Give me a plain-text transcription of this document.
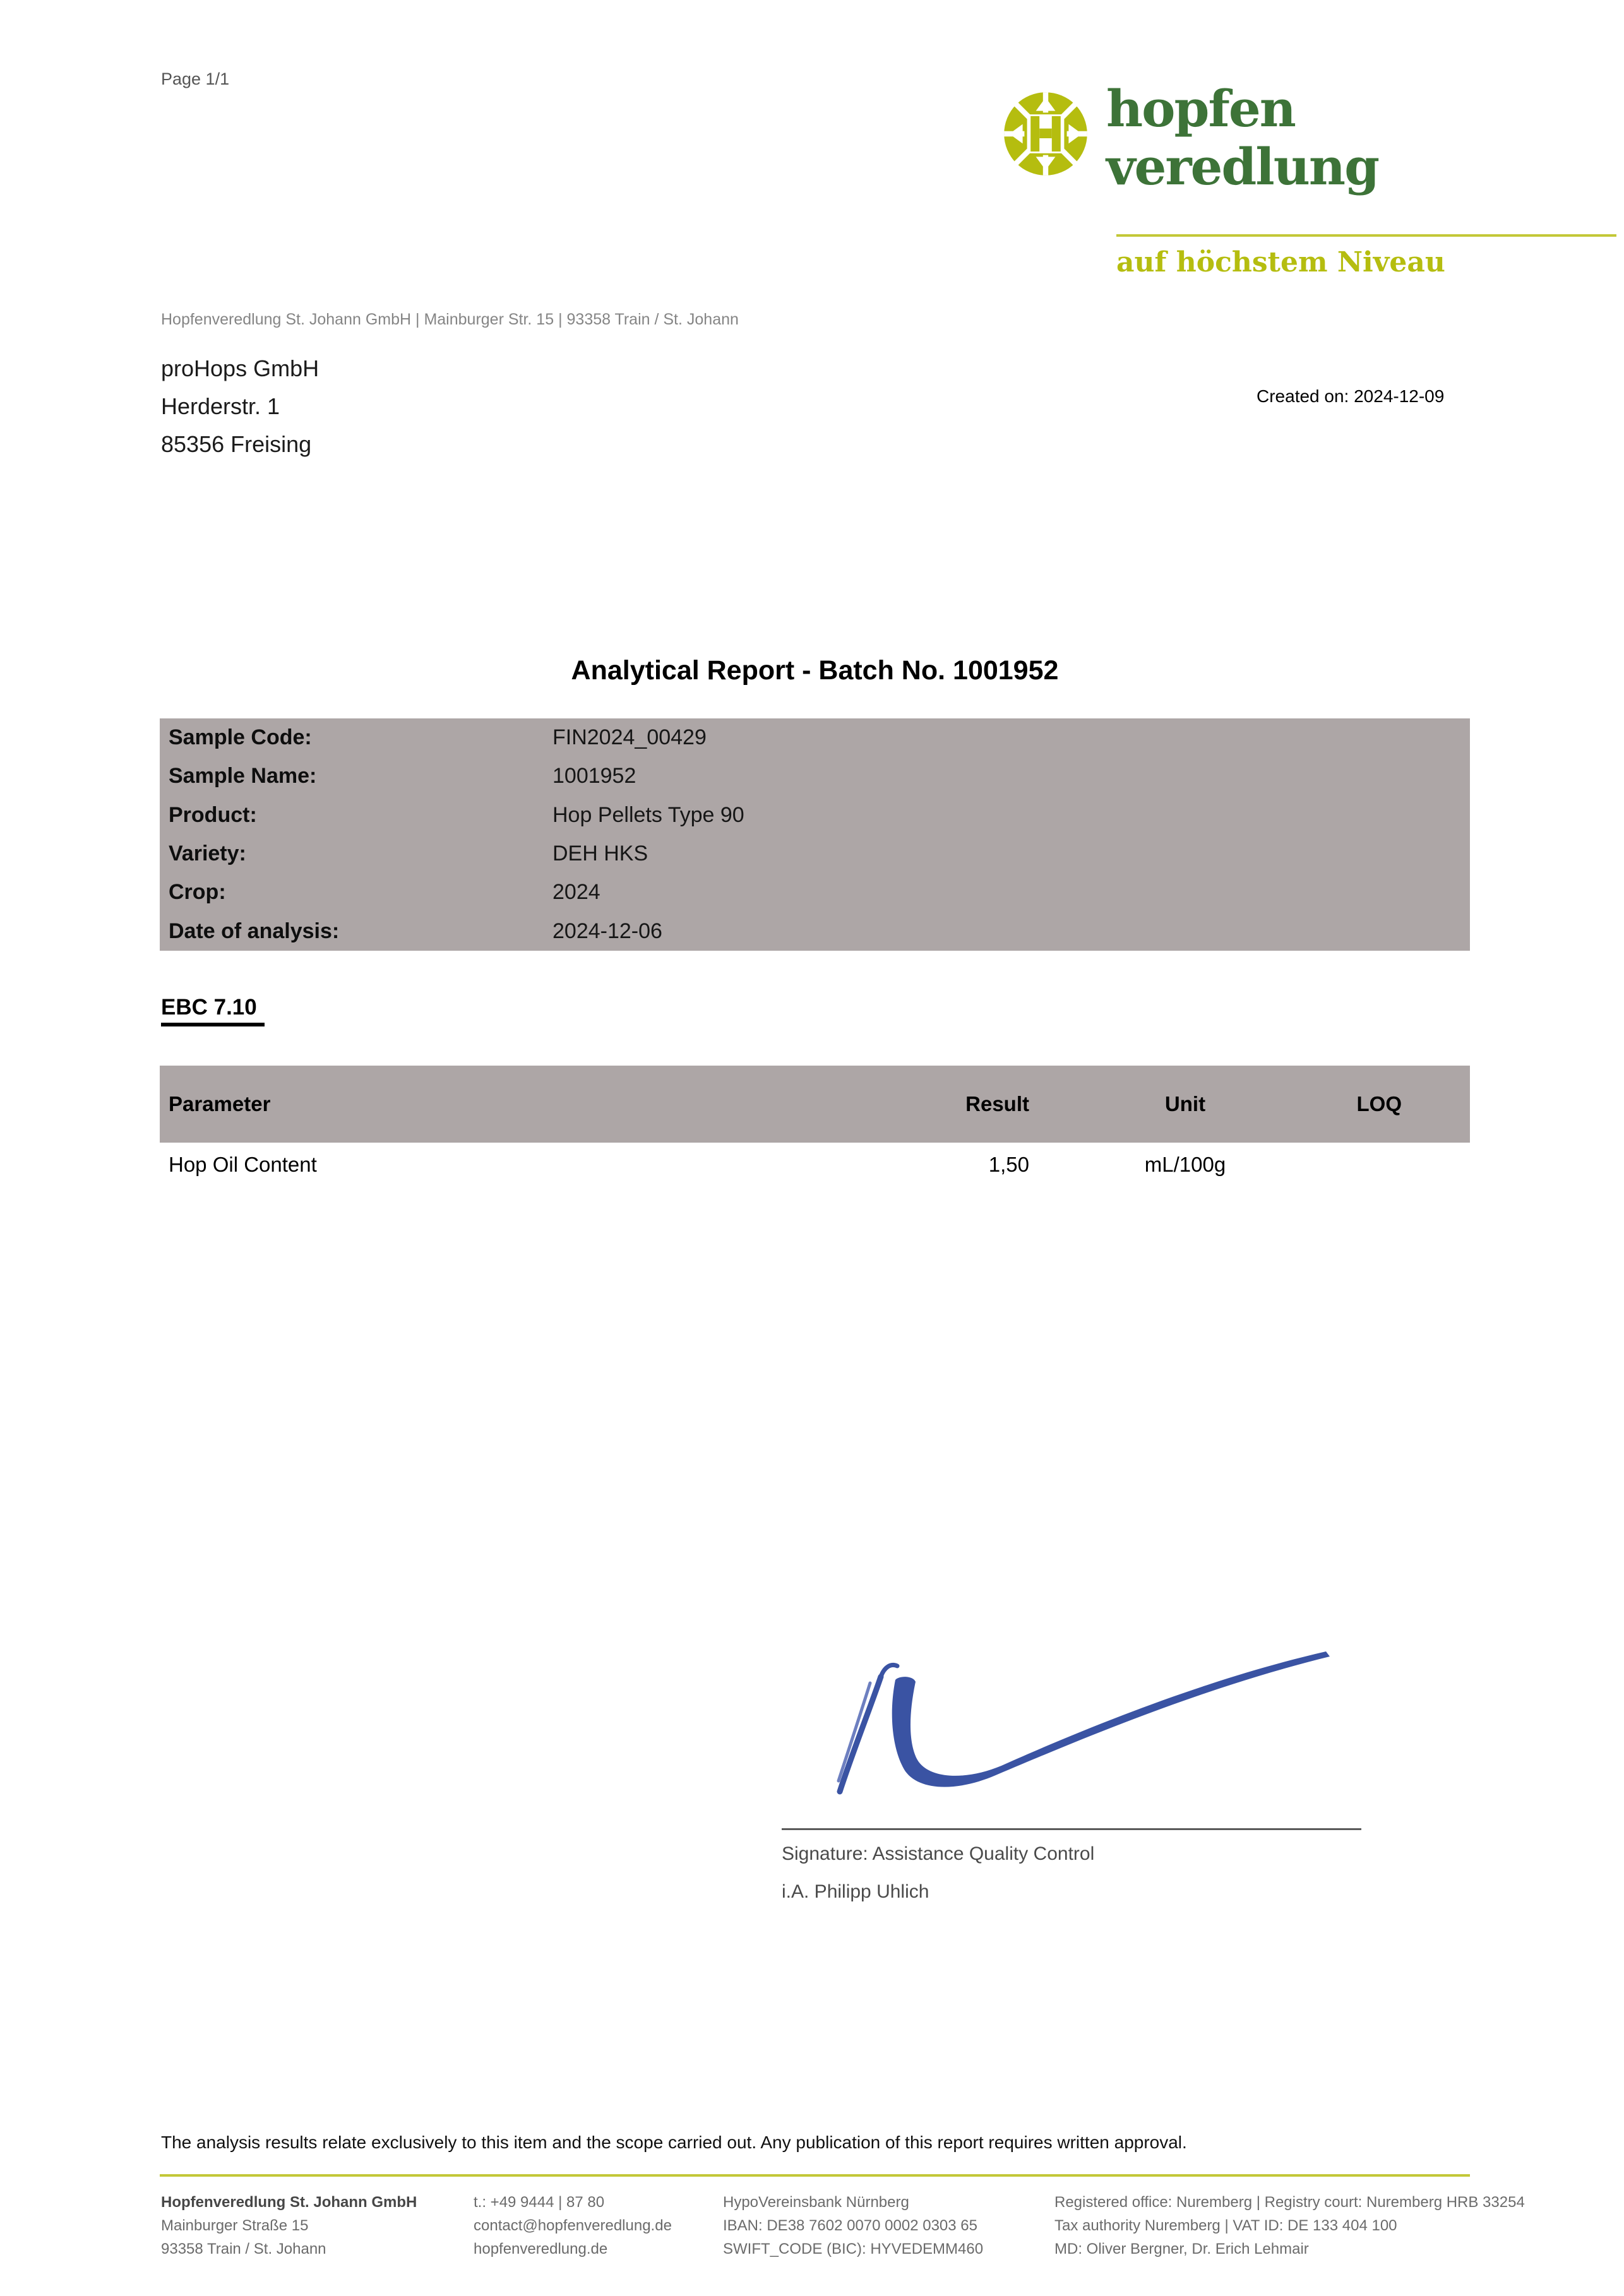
Page 1/1	hopfen
veredlung
auf höchstem Niveau
Hopfenveredlung St. Johann GmbH | Mainburger Str. 15 | 93358 Train / St. Johann
proHops GmbH
Herderstr. 1
85356 Freising
Created on: 2024-12-09
Analytical Report - Batch No. 1001952
Sample Code:	FIN2024_00429
Sample Name:	1001952
Product:	Hop Pellets Type 90
Variety:	DEH HKS
Crop:	2024
Date of analysis:	2024-12-06
EBC 7.10
Parameter	Result	Unit	LOQ
Hop Oil Content	1,50	mL/100g
Signature: Assistance Quality Control
i.A. Philipp Uhlich
The analysis results relate exclusively to this item and the scope carried out. Any publication of this report requires written approval.
Hopfenveredlung St. Johann GmbH
Mainburger Straße 15
93358 Train / St. Johann
t.: +49 9444 | 87 80
contact@hopfenveredlung.de
hopfenveredlung.de
HypoVereinsbank Nürnberg
IBAN: DE38 7602 0070 0002 0303 65
SWIFT_CODE (BIC): HYVEDEMM460
Registered office: Nuremberg | Registry court: Nuremberg HRB 33254
Tax authority Nuremberg | VAT ID: DE 133 404 100
MD: Oliver Bergner, Dr. Erich Lehmair
